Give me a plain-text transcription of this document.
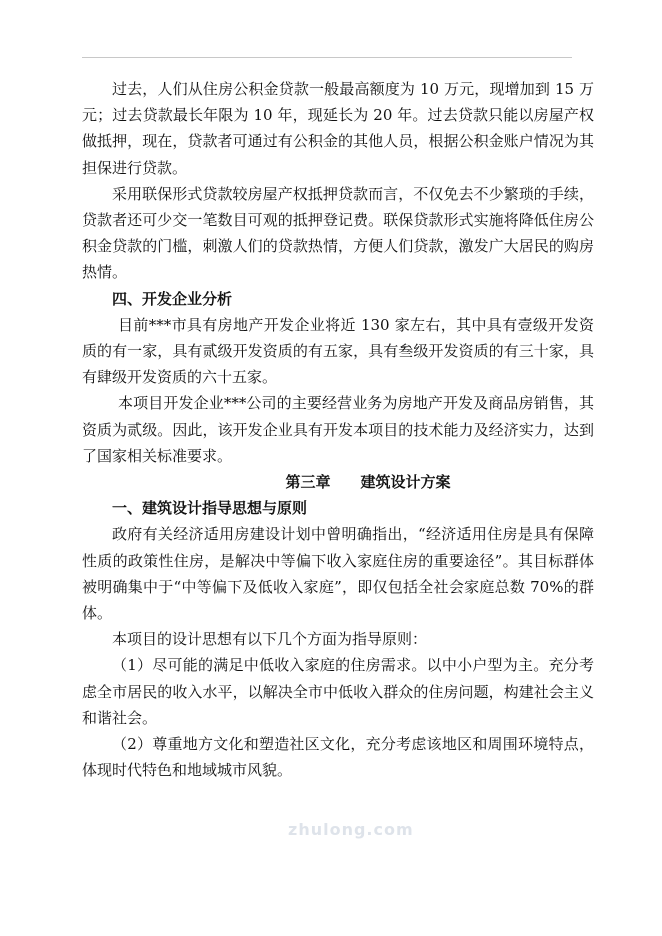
过去，人们从住房公积金贷款一般最高额度为 10 万元，现增加到 15 万元；过去贷款最长年限为 10 年，现延长为 20 年。过去贷款只能以房屋产权做抵押，现在，贷款者可通过有公积金的其他人员，根据公积金账户情况为其担保进行贷款。

采用联保形式贷款较房屋产权抵押贷款而言，不仅免去不少繁琐的手续，贷款者还可少交一笔数目可观的抵押登记费。联保贷款形式实施将降低住房公积金贷款的门槛，刺激人们的贷款热情，方便人们贷款，激发广大居民的购房热情。

四、开发企业分析

目前***市具有房地产开发企业将近 130 家左右，其中具有壹级开发资质的有一家，具有贰级开发资质的有五家，具有叁级开发资质的有三十家，具有肆级开发资质的六十五家。

本项目开发企业***公司的主要经营业务为房地产开发及商品房销售，其资质为贰级。因此，该开发企业具有开发本项目的技术能力及经济实力，达到了国家相关标准要求。

第三章 建筑设计方案

一、建筑设计指导思想与原则

政府有关经济适用房建设计划中曾明确指出，“经济适用住房是具有保障性质的政策性住房，是解决中等偏下收入家庭住房的重要途径”。其目标群体被明确集中于“中等偏下及低收入家庭”，即仅包括全社会家庭总数 70%的群体。

本项目的设计思想有以下几个方面为指导原则：

（1）尽可能的满足中低收入家庭的住房需求。以中小户型为主。充分考虑全市居民的收入水平，以解决全市中低收入群众的住房问题，构建社会主义和谐社会。

（2）尊重地方文化和塑造社区文化，充分考虑该地区和周围环境特点，体现时代特色和地域城市风貌。

zhulong.com
